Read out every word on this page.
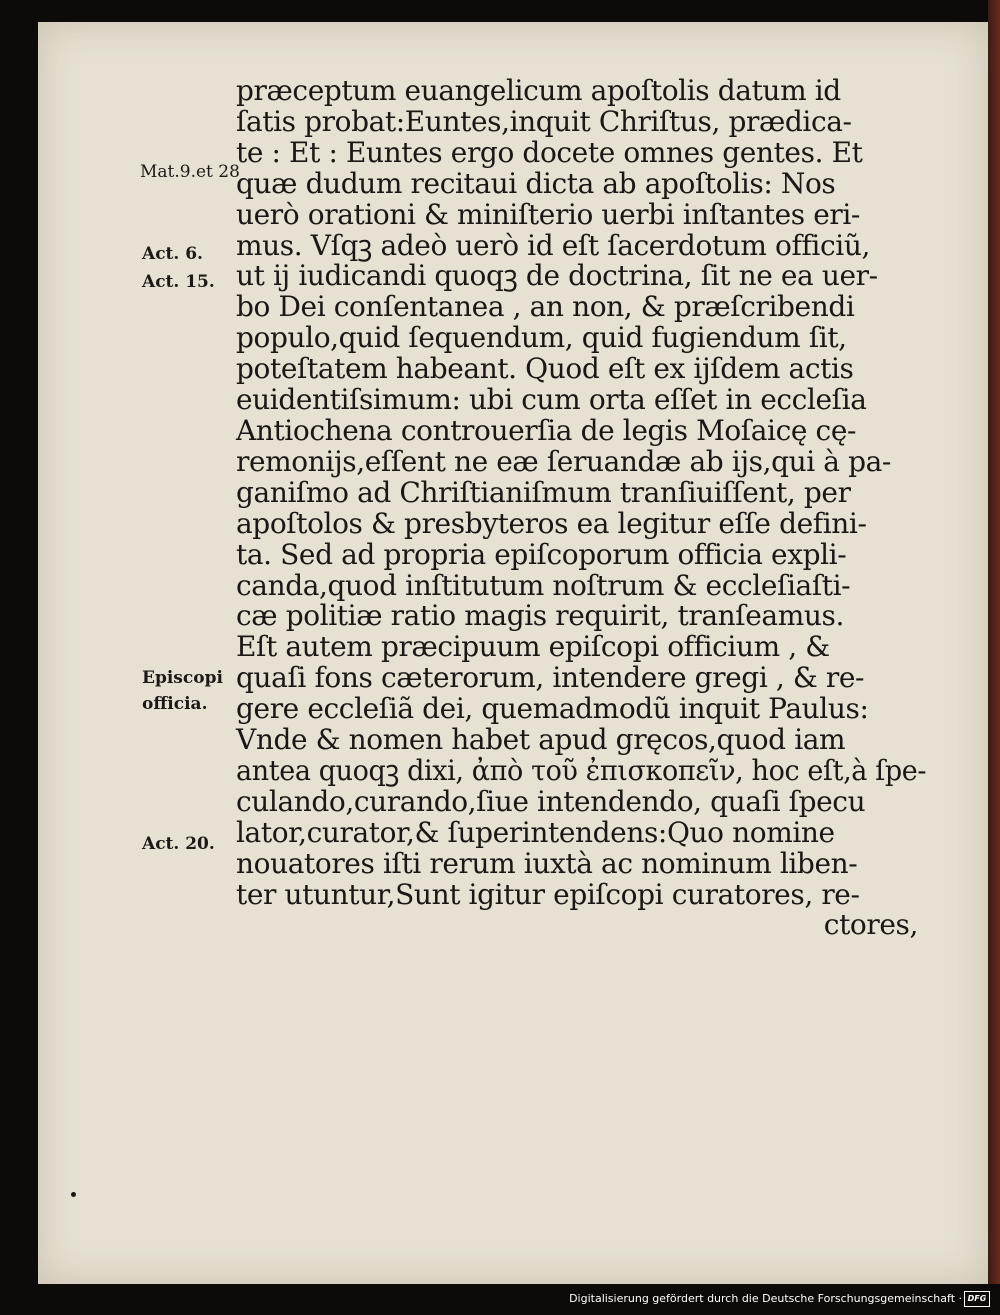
Mat.9.et 28
Act. 6.
Act. 15.
Episcopi
officia.
Act. 20.
præceptum euangelicum apoſtolis datum id
ſatis probat:Euntes,inquit Chriſtus, prædica-
te : Et : Euntes ergo docete omnes gentes. Et
quæ dudum recitaui dicta ab apoſtolis: Nos
uerò orationi & miniſterio uerbi inſtantes eri-
mus. Vſqꝫ adeò uerò id eſt ſacerdotum officiũ,
ut ij iudicandi quoqꝫ de doctrina, ſit ne ea uer-
bo Dei conſentanea , an non, & præſcribendi
populo,quid ſequendum, quid fugiendum ſit,
poteſtatem habeant. Quod eſt ex ijſdem actis
euidentiſsimum: ubi cum orta eſſet in eccleſia
Antiochena controuerſia de legis Moſaicę cę-
remonijs,eſſent ne eæ ſeruandæ ab ijs,qui à pa-
ganiſmo ad Chriſtianiſmum tranſiuiſſent, per
apoſtolos & presbyteros ea legitur eſſe defini-
ta. Sed ad propria epiſcoporum officia expli-
canda,quod inſtitutum noſtrum & eccleſiaſti-
cæ politiæ ratio magis requirit, tranſeamus.
Eſt autem præcipuum epiſcopi officium , &
quaſi fons cæterorum, intendere gregi , & re-
gere eccleſiã dei, quemadmodũ inquit Paulus:
Vnde & nomen habet apud gręcos,quod iam
antea quoqꝫ dixi, ἀπὸ τοῦ ἐπισκοπεῖν, hoc eſt,à ſpe-
culando,curando,ſiue intendendo, quaſi ſpecu
lator,curator,& ſuperintendens:Quo nomine
nouatores iſti rerum iuxtà ac nominum liben-
ter utuntur,Sunt igitur epiſcopi curatores, re-
ctores,
Digitalisierung gefördert durch die Deutsche Forschungsgemeinschaft · DFG
